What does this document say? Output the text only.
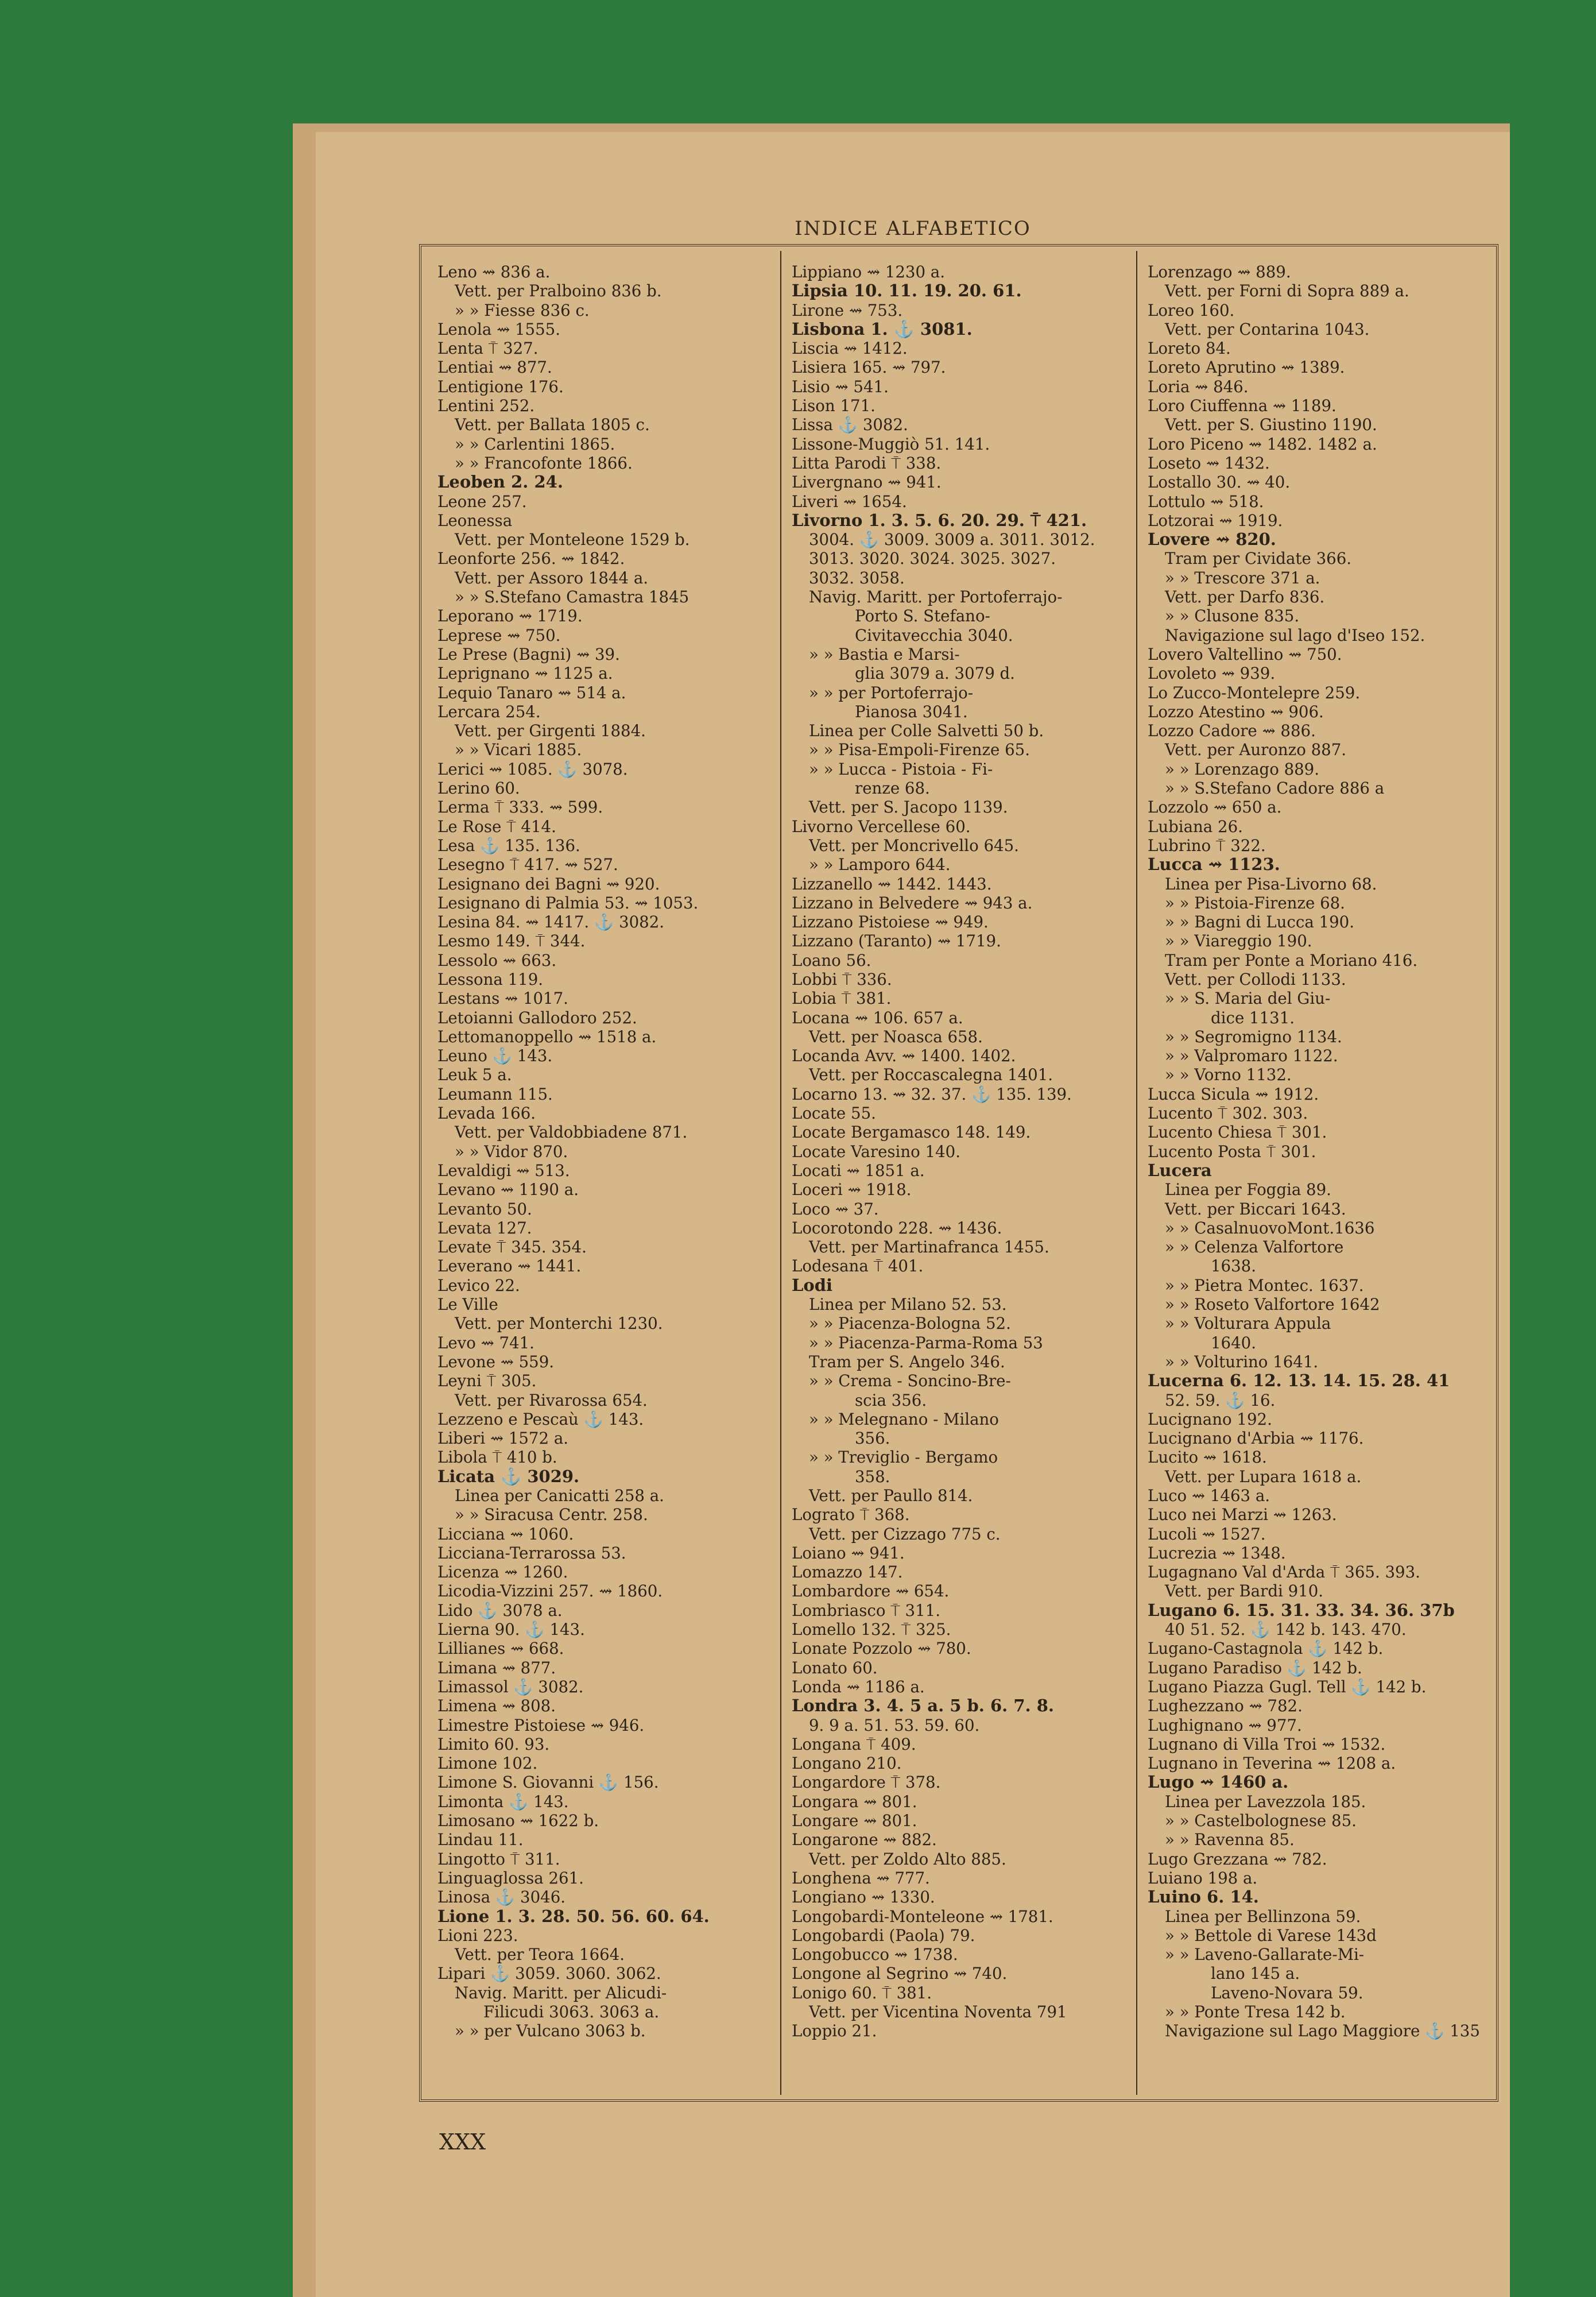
INDICE ALFABETICO
Leno ⇝ 836 a.
Vett. per Pralboino 836 b.
» » Fiesse 836 c.
Lenola ⇝ 1555.
Lenta ⍑ 327.
Lentiai ⇝ 877.
Lentigione 176.
Lentini 252.
Vett. per Ballata 1805 c.
» » Carlentini 1865.
» » Francofonte 1866.
Leoben 2. 24.
Leone 257.
Leonessa
Vett. per Monteleone 1529 b.
Leonforte 256. ⇝ 1842.
Vett. per Assoro 1844 a.
» » S.Stefano Camastra 1845
Leporano ⇝ 1719.
Leprese ⇝ 750.
Le Prese (Bagni) ⇝ 39.
Leprignano ⇝ 1125 a.
Lequio Tanaro ⇝ 514 a.
Lercara 254.
Vett. per Girgenti 1884.
» » Vicari 1885.
Lerici ⇝ 1085. ⚓ 3078.
Lerino 60.
Lerma ⍑ 333. ⇝ 599.
Le Rose ⍑ 414.
Lesa ⚓ 135. 136.
Lesegno ⍑ 417. ⇝ 527.
Lesignano dei Bagni ⇝ 920.
Lesignano di Palmia 53. ⇝ 1053.
Lesina 84. ⇝ 1417. ⚓ 3082.
Lesmo 149. ⍑ 344.
Lessolo ⇝ 663.
Lessona 119.
Lestans ⇝ 1017.
Letoianni Gallodoro 252.
Lettomanoppello ⇝ 1518 a.
Leuno ⚓ 143.
Leuk 5 a.
Leumann 115.
Levada 166.
Vett. per Valdobbiadene 871.
» » Vidor 870.
Levaldigi ⇝ 513.
Levano ⇝ 1190 a.
Levanto 50.
Levata 127.
Levate ⍑ 345. 354.
Leverano ⇝ 1441.
Levico 22.
Le Ville
Vett. per Monterchi 1230.
Levo ⇝ 741.
Levone ⇝ 559.
Leyni ⍑ 305.
Vett. per Rivarossa 654.
Lezzeno e Pescaù ⚓ 143.
Liberi ⇝ 1572 a.
Libola ⍑ 410 b.
Licata ⚓ 3029.
Linea per Canicatti 258 a.
» » Siracusa Centr. 258.
Licciana ⇝ 1060.
Licciana-Terrarossa 53.
Licenza ⇝ 1260.
Licodia-Vizzini 257. ⇝ 1860.
Lido ⚓ 3078 a.
Lierna 90. ⚓ 143.
Lillianes ⇝ 668.
Limana ⇝ 877.
Limassol ⚓ 3082.
Limena ⇝ 808.
Limestre Pistoiese ⇝ 946.
Limito 60. 93.
Limone 102.
Limone S. Giovanni ⚓ 156.
Limonta ⚓ 143.
Limosano ⇝ 1622 b.
Lindau 11.
Lingotto ⍑ 311.
Linguaglossa 261.
Linosa ⚓ 3046.
Lione 1. 3. 28. 50. 56. 60. 64.
Lioni 223.
Vett. per Teora 1664.
Lipari ⚓ 3059. 3060. 3062.
Navig. Maritt. per Alicudi-
Filicudi 3063. 3063 a.
» » per Vulcano 3063 b.
Lippiano ⇝ 1230 a.
Lipsia 10. 11. 19. 20. 61.
Lirone ⇝ 753.
Lisbona 1. ⚓ 3081.
Liscia ⇝ 1412.
Lisiera 165. ⇝ 797.
Lisio ⇝ 541.
Lison 171.
Lissa ⚓ 3082.
Lissone-Muggiò 51. 141.
Litta Parodi ⍑ 338.
Livergnano ⇝ 941.
Liveri ⇝ 1654.
Livorno 1. 3. 5. 6. 20. 29. ⍑ 421.
3004. ⚓ 3009. 3009 a. 3011. 3012.
3013. 3020. 3024. 3025. 3027.
3032. 3058.
Navig. Maritt. per Portoferrajo-
Porto S. Stefano-
Civitavecchia 3040.
» » Bastia e Marsi-
glia 3079 a. 3079 d.
» » per Portoferrajo-
Pianosa 3041.
Linea per Colle Salvetti 50 b.
» » Pisa-Empoli-Firenze 65.
» » Lucca - Pistoia - Fi-
renze 68.
Vett. per S. Jacopo 1139.
Livorno Vercellese 60.
Vett. per Moncrivello 645.
» » Lamporo 644.
Lizzanello ⇝ 1442. 1443.
Lizzano in Belvedere ⇝ 943 a.
Lizzano Pistoiese ⇝ 949.
Lizzano (Taranto) ⇝ 1719.
Loano 56.
Lobbi ⍑ 336.
Lobia ⍑ 381.
Locana ⇝ 106. 657 a.
Vett. per Noasca 658.
Locanda Avv. ⇝ 1400. 1402.
Vett. per Roccascalegna 1401.
Locarno 13. ⇝ 32. 37. ⚓ 135. 139.
Locate 55.
Locate Bergamasco 148. 149.
Locate Varesino 140.
Locati ⇝ 1851 a.
Loceri ⇝ 1918.
Loco ⇝ 37.
Locorotondo 228. ⇝ 1436.
Vett. per Martinafranca 1455.
Lodesana ⍑ 401.
Lodi
Linea per Milano 52. 53.
» » Piacenza-Bologna 52.
» » Piacenza-Parma-Roma 53
Tram per S. Angelo 346.
» » Crema - Soncino-Bre-
scia 356.
» » Melegnano - Milano
356.
» » Treviglio - Bergamo
358.
Vett. per Paullo 814.
Lograto ⍑ 368.
Vett. per Cizzago 775 c.
Loiano ⇝ 941.
Lomazzo 147.
Lombardore ⇝ 654.
Lombriasco ⍑ 311.
Lomello 132. ⍑ 325.
Lonate Pozzolo ⇝ 780.
Lonato 60.
Londa ⇝ 1186 a.
Londra 3. 4. 5 a. 5 b. 6. 7. 8.
9. 9 a. 51. 53. 59. 60.
Longana ⍑ 409.
Longano 210.
Longardore ⍑ 378.
Longara ⇝ 801.
Longare ⇝ 801.
Longarone ⇝ 882.
Vett. per Zoldo Alto 885.
Longhena ⇝ 777.
Longiano ⇝ 1330.
Longobardi-Monteleone ⇝ 1781.
Longobardi (Paola) 79.
Longobucco ⇝ 1738.
Longone al Segrino ⇝ 740.
Lonigo 60. ⍑ 381.
Vett. per Vicentina Noventa 791
Loppio 21.
Lorenzago ⇝ 889.
Vett. per Forni di Sopra 889 a.
Loreo 160.
Vett. per Contarina 1043.
Loreto 84.
Loreto Aprutino ⇝ 1389.
Loria ⇝ 846.
Loro Ciuffenna ⇝ 1189.
Vett. per S. Giustino 1190.
Loro Piceno ⇝ 1482. 1482 a.
Loseto ⇝ 1432.
Lostallo 30. ⇝ 40.
Lottulo ⇝ 518.
Lotzorai ⇝ 1919.
Lovere ⇝ 820.
Tram per Cividate 366.
» » Trescore 371 a.
Vett. per Darfo 836.
» » Clusone 835.
Navigazione sul lago d'Iseo 152.
Lovero Valtellino ⇝ 750.
Lovoleto ⇝ 939.
Lo Zucco-Montelepre 259.
Lozzo Atestino ⇝ 906.
Lozzo Cadore ⇝ 886.
Vett. per Auronzo 887.
» » Lorenzago 889.
» » S.Stefano Cadore 886 a
Lozzolo ⇝ 650 a.
Lubiana 26.
Lubrino ⍑ 322.
Lucca ⇝ 1123.
Linea per Pisa-Livorno 68.
» » Pistoia-Firenze 68.
» » Bagni di Lucca 190.
» » Viareggio 190.
Tram per Ponte a Moriano 416.
Vett. per Collodi 1133.
» » S. Maria del Giu-
dice 1131.
» » Segromigno 1134.
» » Valpromaro 1122.
» » Vorno 1132.
Lucca Sicula ⇝ 1912.
Lucento ⍑ 302. 303.
Lucento Chiesa ⍑ 301.
Lucento Posta ⍑ 301.
Lucera
Linea per Foggia 89.
Vett. per Biccari 1643.
» » CasalnuovoMont.1636
» » Celenza Valfortore
1638.
» » Pietra Montec. 1637.
» » Roseto Valfortore 1642
» » Volturara Appula
1640.
» » Volturino 1641.
Lucerna 6. 12. 13. 14. 15. 28. 41
52. 59. ⚓ 16.
Lucignano 192.
Lucignano d'Arbia ⇝ 1176.
Lucito ⇝ 1618.
Vett. per Lupara 1618 a.
Luco ⇝ 1463 a.
Luco nei Marzi ⇝ 1263.
Lucoli ⇝ 1527.
Lucrezia ⇝ 1348.
Lugagnano Val d'Arda ⍑ 365. 393.
Vett. per Bardi 910.
Lugano 6. 15. 31. 33. 34. 36. 37b
40 51. 52. ⚓ 142 b. 143. 470.
Lugano-Castagnola ⚓ 142 b.
Lugano Paradiso ⚓ 142 b.
Lugano Piazza Gugl. Tell ⚓ 142 b.
Lughezzano ⇝ 782.
Lughignano ⇝ 977.
Lugnano di Villa Troi ⇝ 1532.
Lugnano in Teverina ⇝ 1208 a.
Lugo ⇝ 1460 a.
Linea per Lavezzola 185.
» » Castelbolognese 85.
» » Ravenna 85.
Lugo Grezzana ⇝ 782.
Luiano 198 a.
Luino 6. 14.
Linea per Bellinzona 59.
» » Bettole di Varese 143d
» » Laveno-Gallarate-Mi-
lano 145 a.
Laveno-Novara 59.
» » Ponte Tresa 142 b.
Navigazione sul Lago Maggiore ⚓ 135
XXX
